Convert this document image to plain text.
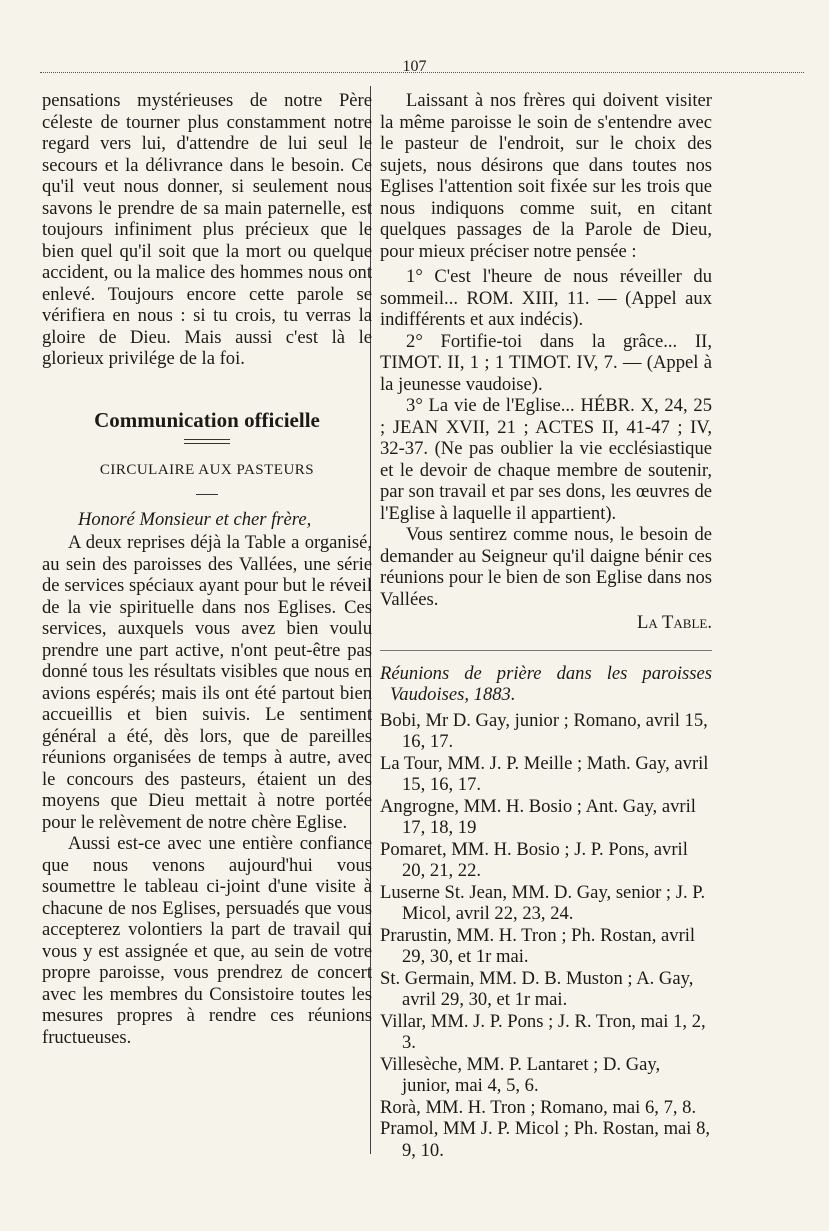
107

pensations mystérieuses de notre Père céleste de tourner plus constamment notre regard vers lui, d'attendre de lui seul le secours et la délivrance dans le besoin. Ce qu'il veut nous donner, si seulement nous savons le prendre de sa main paternelle, est toujours infiniment plus précieux que le bien quel qu'il soit que la mort ou quelque accident, ou la malice des hommes nous ont enlevé. Toujours encore cette parole se vérifiera en nous : si tu crois, tu verras la gloire de Dieu. Mais aussi c'est là le glorieux privilége de la foi.

Communication officielle
CIRCULAIRE AUX PASTEURS
Honoré Monsieur et cher frère,

A deux reprises déjà la Table a organisé, au sein des paroisses des Vallées, une série de services spéciaux ayant pour but le réveil de la vie spirituelle dans nos Eglises. Ces services, auxquels vous avez bien voulu prendre une part active, n'ont peut-être pas donné tous les résultats visibles que nous en avions espérés; mais ils ont été partout bien accueillis et bien suivis. Le sentiment général a été, dès lors, que de pareilles réunions organisées de temps à autre, avec le concours des pasteurs, étaient un des moyens que Dieu mettait à notre portée pour le relèvement de notre chère Eglise.

Aussi est-ce avec une entière confiance que nous venons aujourd'hui vous soumettre le tableau ci-joint d'une visite à chacune de nos Eglises, persuadés que vous accepterez volontiers la part de travail qui vous y est assignée et que, au sein de votre propre paroisse, vous prendrez de concert avec les membres du Consistoire toutes les mesures propres à rendre ces réunions fructueuses.

Laissant à nos frères qui doivent visiter la même paroisse le soin de s'entendre avec le pasteur de l'endroit, sur le choix des sujets, nous désirons que dans toutes nos Eglises l'attention soit fixée sur les trois que nous indiquons comme suit, en citant quelques passages de la Parole de Dieu, pour mieux préciser notre pensée :

1° C'est l'heure de nous réveiller du sommeil... ROM. XIII, 11. — (Appel aux indifférents et aux indécis).

2° Fortifie-toi dans la grâce... II, TIMOT. II, 1 ; 1 TIMOT. IV, 7. — (Appel à la jeunesse vaudoise).

3° La vie de l'Eglise... HÉBR. X, 24, 25 ; JEAN XVII, 21 ; ACTES II, 41-47 ; IV, 32-37. (Ne pas oublier la vie ecclésiastique et le devoir de chaque membre de soutenir, par son travail et par ses dons, les œuvres de l'Eglise à laquelle il appartient).

Vous sentirez comme nous, le besoin de demander au Seigneur qu'il daigne bénir ces réunions pour le bien de son Eglise dans nos Vallées.

La Table.

Réunions de prière dans les paroisses Vaudoises, 1883.

Bobi, Mr D. Gay, junior ; Romano, avril 15, 16, 17.

La Tour, MM. J. P. Meille ; Math. Gay, avril 15, 16, 17.

Angrogne, MM. H. Bosio ; Ant. Gay, avril 17, 18, 19

Pomaret, MM. H. Bosio ; J. P. Pons, avril 20, 21, 22.

Luserne St. Jean, MM. D. Gay, senior ; J. P. Micol, avril 22, 23, 24.

Prarustin, MM. H. Tron ; Ph. Rostan, avril 29, 30, et 1r mai.

St. Germain, MM. D. B. Muston ; A. Gay, avril 29, 30, et 1r mai.

Villar, MM. J. P. Pons ; J. R. Tron, mai 1, 2, 3.

Villesèche, MM. P. Lantaret ; D. Gay, junior, mai 4, 5, 6.

Rorà, MM. H. Tron ; Romano, mai 6, 7, 8.

Pramol, MM J. P. Micol ; Ph. Rostan, mai 8, 9, 10.
